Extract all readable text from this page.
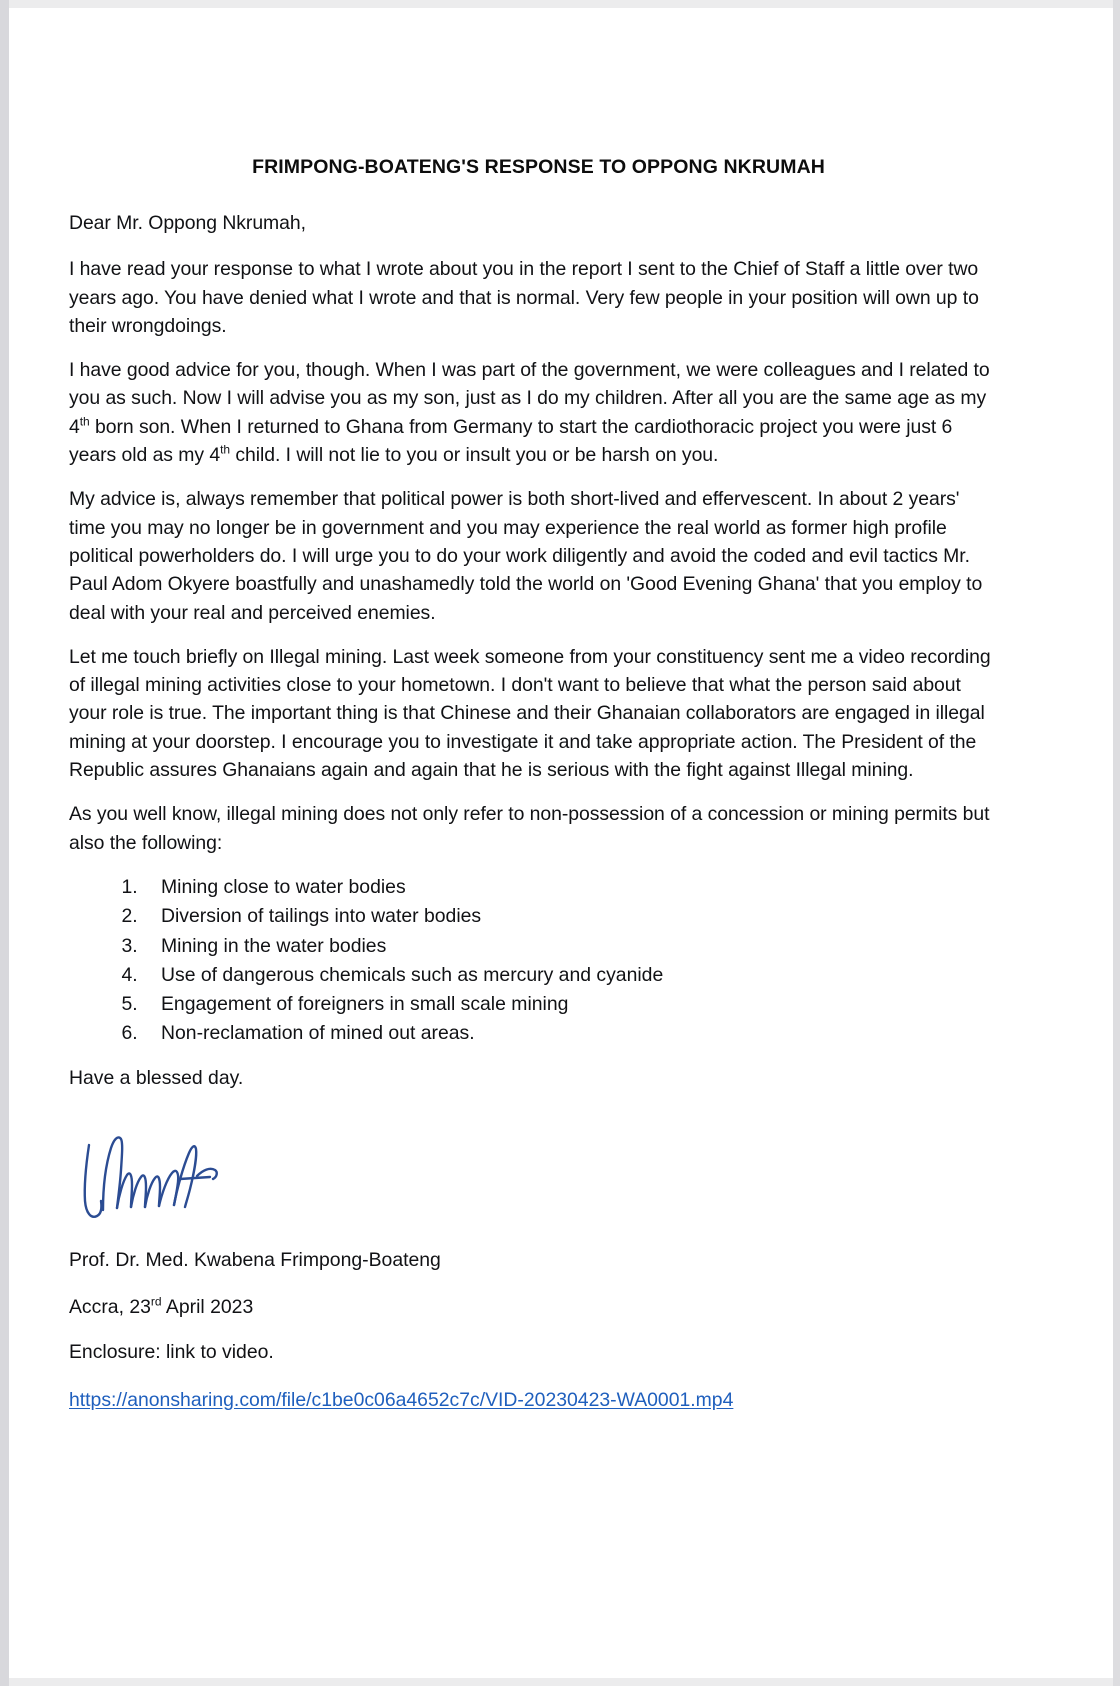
FRIMPONG-BOATENG'S RESPONSE TO OPPONG NKRUMAH

Dear Mr. Oppong Nkrumah,

I have read your response to what I wrote about you in the report I sent to the Chief of Staff a little over two years ago. You have denied what I wrote and that is normal. Very few people in your position will own up to their wrongdoings.

I have good advice for you, though. When I was part of the government, we were colleagues and I related to you as such. Now I will advise you as my son, just as I do my children. After all you are the same age as my 4th born son. When I returned to Ghana from Germany to start the cardiothoracic project you were just 6 years old as my 4th child. I will not lie to you or insult you or be harsh on you.

My advice is, always remember that political power is both short-lived and effervescent. In about 2 years' time you may no longer be in government and you may experience the real world as former high profile political powerholders do. I will urge you to do your work diligently and avoid the coded and evil tactics Mr. Paul Adom Okyere boastfully and unashamedly told the world on 'Good Evening Ghana' that you employ to deal with your real and perceived enemies.

Let me touch briefly on Illegal mining. Last week someone from your constituency sent me a video recording of illegal mining activities close to your hometown. I don't want to believe that what the person said about your role is true. The important thing is that Chinese and their Ghanaian collaborators are engaged in illegal mining at your doorstep. I encourage you to investigate it and take appropriate action. The President of the Republic assures Ghanaians again and again that he is serious with the fight against Illegal mining.

As you well know, illegal mining does not only refer to non-possession of a concession or mining permits but also the following:

1. Mining close to water bodies
2. Diversion of tailings into water bodies
3. Mining in the water bodies
4. Use of dangerous chemicals such as mercury and cyanide
5. Engagement of foreigners in small scale mining
6. Non-reclamation of mined out areas.

Have a blessed day.

Prof. Dr. Med. Kwabena Frimpong-Boateng

Accra, 23rd April 2023

Enclosure: link to video.

https://anonsharing.com/file/c1be0c06a4652c7c/VID-20230423-WA0001.mp4
